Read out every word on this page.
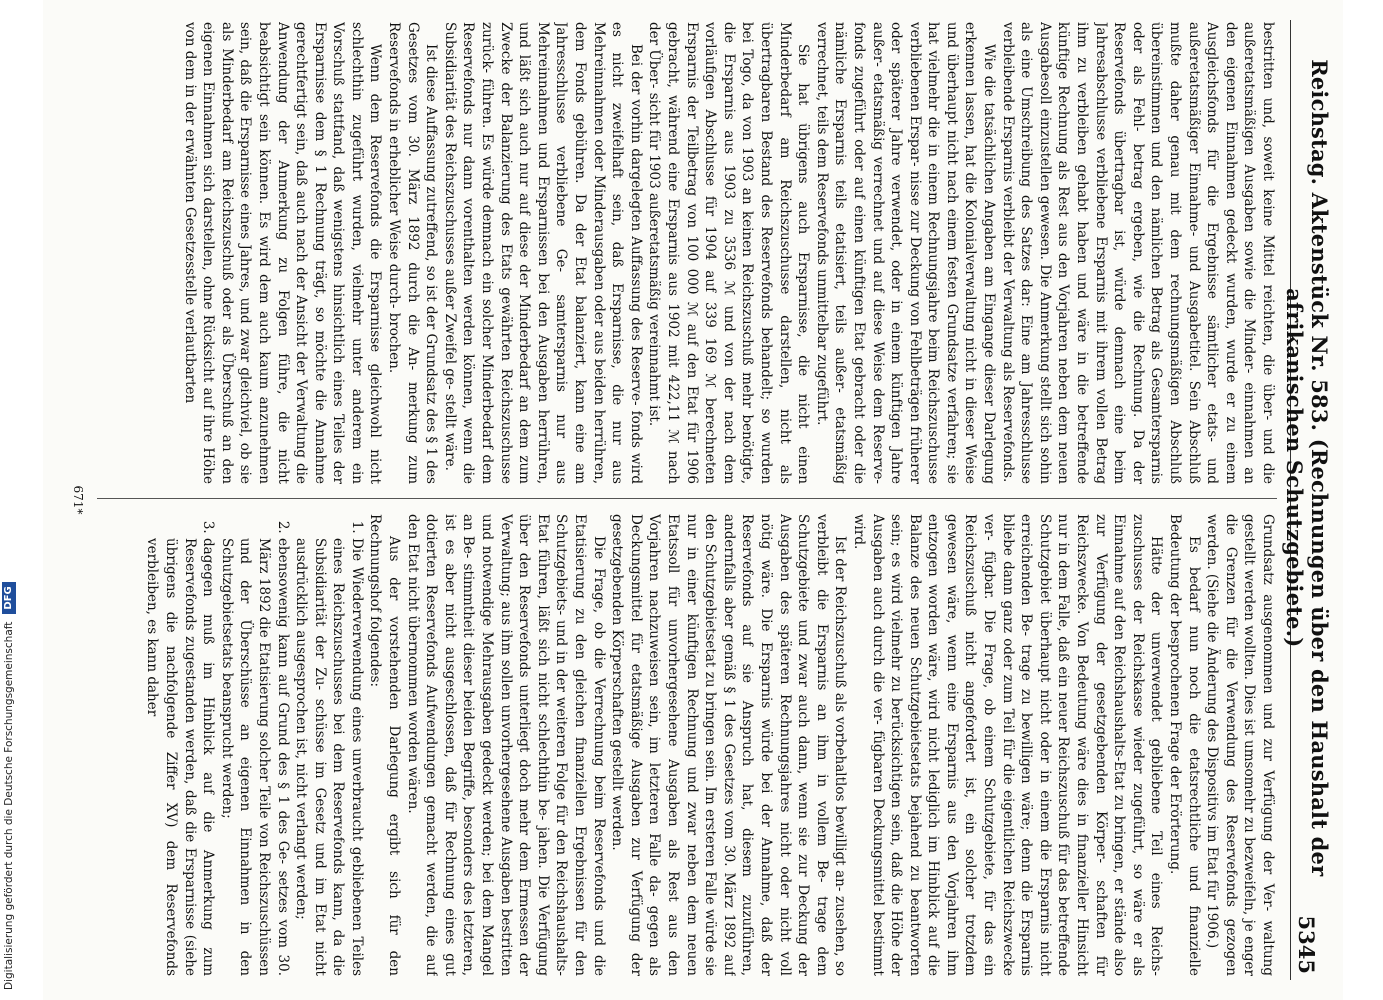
Reichstag. Aktenstück Nr. 583. (Rechnungen über den Haushalt der afrikanischen Schutzgebiete.)
5345

bestritten und, soweit keine Mittel reichten, die über- und die außeretatsmäßigen Ausgaben sowie die Minder- einnahmen an den eigenen Einnahmen gedeckt wurden, wurde er zu einem Ausgleichsfonds für die Ergebnisse sämtlicher etats- und außeretatsmäßiger Einnahme- und Ausgabetitel. Sein Abschluß mußte daher genau mit dem rechnungsmäßigen Abschluß übereinstimmen und den nämlichen Betrag als Gesamtersparnis oder als Fehl- betrag ergeben, wie die Rechnung. Da der Reservefonds übertragbar ist, würde demnach eine beim Jahresabschlusse verbliebene Ersparnis mit ihrem vollen Betrag ihm zu verbleiben gehabt haben und wäre in die betreffende künftige Rechnung als Rest aus den Vorjahren neben dem neuen Ausgabesoll einzustellen gewesen. Die Anmerkung stellt sich sohin als eine Umschreibung des Satzes dar: Eine am Jahresschlusse verbleibende Ersparnis verbleibt der Verwaltung als Reservefonds.

Wie die tatsächlichen Angaben am Eingange dieser Darlegung erkennen lassen, hat die Kolonialverwaltung nicht in dieser Weise und überhaupt nicht nach einem festen Grundsatze verfahren; sie hat vielmehr die in einem Rechnungsjahre beim Reichszuschusse verbliebenen Erspar- nisse zur Deckung von Fehlbeträgen früherer oder späterer Jahre verwendet, oder in einem künftigen Jahre außer- etatsmäßig verrechnet und auf diese Weise dem Reserve- fonds zugeführt oder auf einen künftigen Etat gebracht oder die nämliche Ersparnis teils etatisiert, teils außer- etatsmäßig verrechnet, teils dem Reservefonds unmittelbar zugeführt.

Sie hat übrigens auch Ersparnisse, die nicht einen Minderbedarf am Reichszuschusse darstellen, nicht als übertragbaren Bestand des Reservefonds behandelt; so wurden bei Togo, da von 1903 an keinen Reichszuschuß mehr benötigte, die Ersparnis aus 1903 zu 3536 ℳ und von der nach dem vorläufigen Abschlusse für 1904 auf 339 169 ℳ berechneten Ersparnis der Teilbetrag von 100 000 ℳ auf den Etat für 1906 gebracht, während eine Ersparnis aus 1902 mit 422,11 ℳ nach der Über- sicht für 1903 außeretatsmäßig vereinnahmt ist.

Bei der vorhin dargelegten Auffassung des Reserve- fonds wird es nicht zweifelhaft sein, daß Ersparnisse, die nur aus Mehreinnahmen oder Minderausgaben oder aus beiden herrühren, dem Fonds gebühren. Da der Etat balanziert, kann eine am Jahresschlusse verbliebene Ge- samtersparnis nur aus Mehreinnahmen und Ersparnissen bei den Ausgaben herrühren, und läßt sich auch nur auf diese der Minderbedarf an dem zum Zwecke der Balanzierung des Etats gewährten Reichszuschusse zurück- führen. Es würde demnach ein solcher Minderbedarf dem Reservefonds nur dann vorenthalten werden können, wenn die Subsidiarität des Reichszuschusses außer Zweifel ge- stellt wäre.

Ist diese Auffassung zutreffend, so ist der Grundsatz des § 1 des Gesetzes vom 30. März 1892 durch die An- merkung zum Reservefonds in erheblicher Weise durch- brochen.

Wenn dem Reservefonds die Ersparnisse gleichwohl nicht schlechthin zugeführt wurden, vielmehr unter anderem ein Vorschuß stattfand, daß wenigstens hinsichtlich eines Teiles der Ersparnisse dem § 1 Rechnung trägt, so möchte die Annahme gerechtfertigt sein, daß auch nach der Ansicht der Verwaltung die Anwendung der Anmerkung zu Folgen führe, die nicht beabsichtigt sein können. Es wird dem auch kaum anzunehmen sein, daß die Ersparnisse eines Jahres, und zwar gleichviel, ob sie als Minderbedarf am Reichszuschuß oder als Überschuß an den eigenen Einnahmen sich darstellen, ohne Rücksicht auf ihre Höhe von dem in der erwähnten Gesetzesstelle verlautbarten

Grundsatz ausgenommen und zur Verfügung der Ver- waltung gestellt werden wollten. Dies ist umsomehr zu bezweifeln, je enger die Grenzen für die Verwendung des Reservefonds gezogen werden. (Siehe die Änderung des Dispositivs im Etat für 1906.)

Es bedarf nun noch die etatsrechtliche und finanzielle Bedeutung der besprochenen Frage der Erörterung.

Hätte der unverwendet gebliebene Teil eines Reichs- zuschusses der Reichskasse wieder zugeführt, so wäre er als Einnahme auf den Reichshaushalts-Etat zu bringen, er stände also zur Verfügung der gesetzgebenden Körper- schaften für Reichszwecke. Von Bedeutung wäre dies in finanzieller Hinsicht nur in dem Falle, daß ein neuer Reichszuschuß für das betreffende Schutzgebiet überhaupt nicht oder in einem die Ersparnis nicht erreichenden Be- trage zu bewilligen wäre; denn die Ersparnis bliebe dann ganz oder zum Teil für die eigentlichen Reichszwecke ver- fügbar. Die Frage, ob einem Schutzgebiete, für das ein Reichszuschuß nicht angefordert ist, ein solcher trotzdem gewesen wäre, wenn eine Ersparnis aus den Vorjahren ihm entzogen worden wäre, wird nicht lediglich im Hinblick auf die Balanze des neuen Schutzgebietsetats bejahend zu beantworten sein; es wird vielmehr zu berücksichtigen sein, daß die Höhe der Ausgaben auch durch die ver- fügbaren Deckungsmittel bestimmt wird.

Ist der Reichszuschuß als vorbehaltlos bewilligt an- zusehen, so verbleibt die Ersparnis an ihm in vollem Be- trage dem Schutzgebiete und zwar auch dann, wenn sie zur Deckung der Ausgaben des späteren Rechnungsjahres nicht oder nicht voll nötig wäre. Die Ersparnis würde bei der Annahme, daß der Reservefonds auf sie Anspruch hat, diesem zuzuführen, andernfalls aber gemäß § 1 des Gesetzes vom 30. März 1892 auf den Schutzgebietsetat zu bringen sein. Im ersteren Falle würde sie nur in einer künftigen Rechnung und zwar neben dem neuen Etatssoll für unvorhergesehene Ausgaben als Rest aus den Vorjahren nachzuweisen sein, im letzteren Falle da- gegen als Deckungsmittel für etatsmäßige Ausgaben zur Verfügung der gesetzgebenden Körperschaften gestellt werden.

Die Frage, ob die Verrechnung beim Reservefonds und die Etatisierung zu den gleichen finanziellen Ergebnissen für den Schutzgebiets- und in der weiteren Folge für den Reichshaushalts-Etat führen, läßt sich nicht schlechthin be- jahen. Die Verfügung über den Reservefonds unterliegt doch mehr dem Ermessen der Verwaltung; aus ihm sollen unvorhergesehene Ausgaben bestritten und notwendige Mehrausgaben gedeckt werden; bei dem Mangel an Be- stimmtheit dieser beiden Begriffe, besonders des letzteren, ist es aber nicht ausgeschlossen, daß für Rechnung eines gut dotierten Reservefonds Aufwendungen gemacht werden, die auf den Etat nicht übernommen worden wären.

Aus der vorstehenden Darlegung ergibt sich für den Rechnungshof folgendes:

1. Die Wiederverwendung eines unverbraucht gebliebenen Teiles eines Reichszuschusses bei dem Reservefonds kann, da die Subsidiarität der Zu- schüsse im Gesetz und im Etat nicht ausdrücklich ausgesprochen ist, nicht verlangt werden;
2. ebensowenig kann auf Grund des § 1 des Ge- setzes vom 30. März 1892 die Etatisierung solcher Teile von Reichszuschüssen und der Überschüsse an eigenen Einnahmen in den Schutzgebietsetats beansprucht werden;
3. dagegen muß im Hinblick auf die Anmerkung zum Reservefonds zugestanden werden, daß die Ersparnisse (siehe übrigens die nachfolgende Ziffer XV) dem Reservefonds verbleiben, es kann daher
671*
Digitalisierung gefördert durch die Deutsche Forschungsgemeinschaft
DFG
